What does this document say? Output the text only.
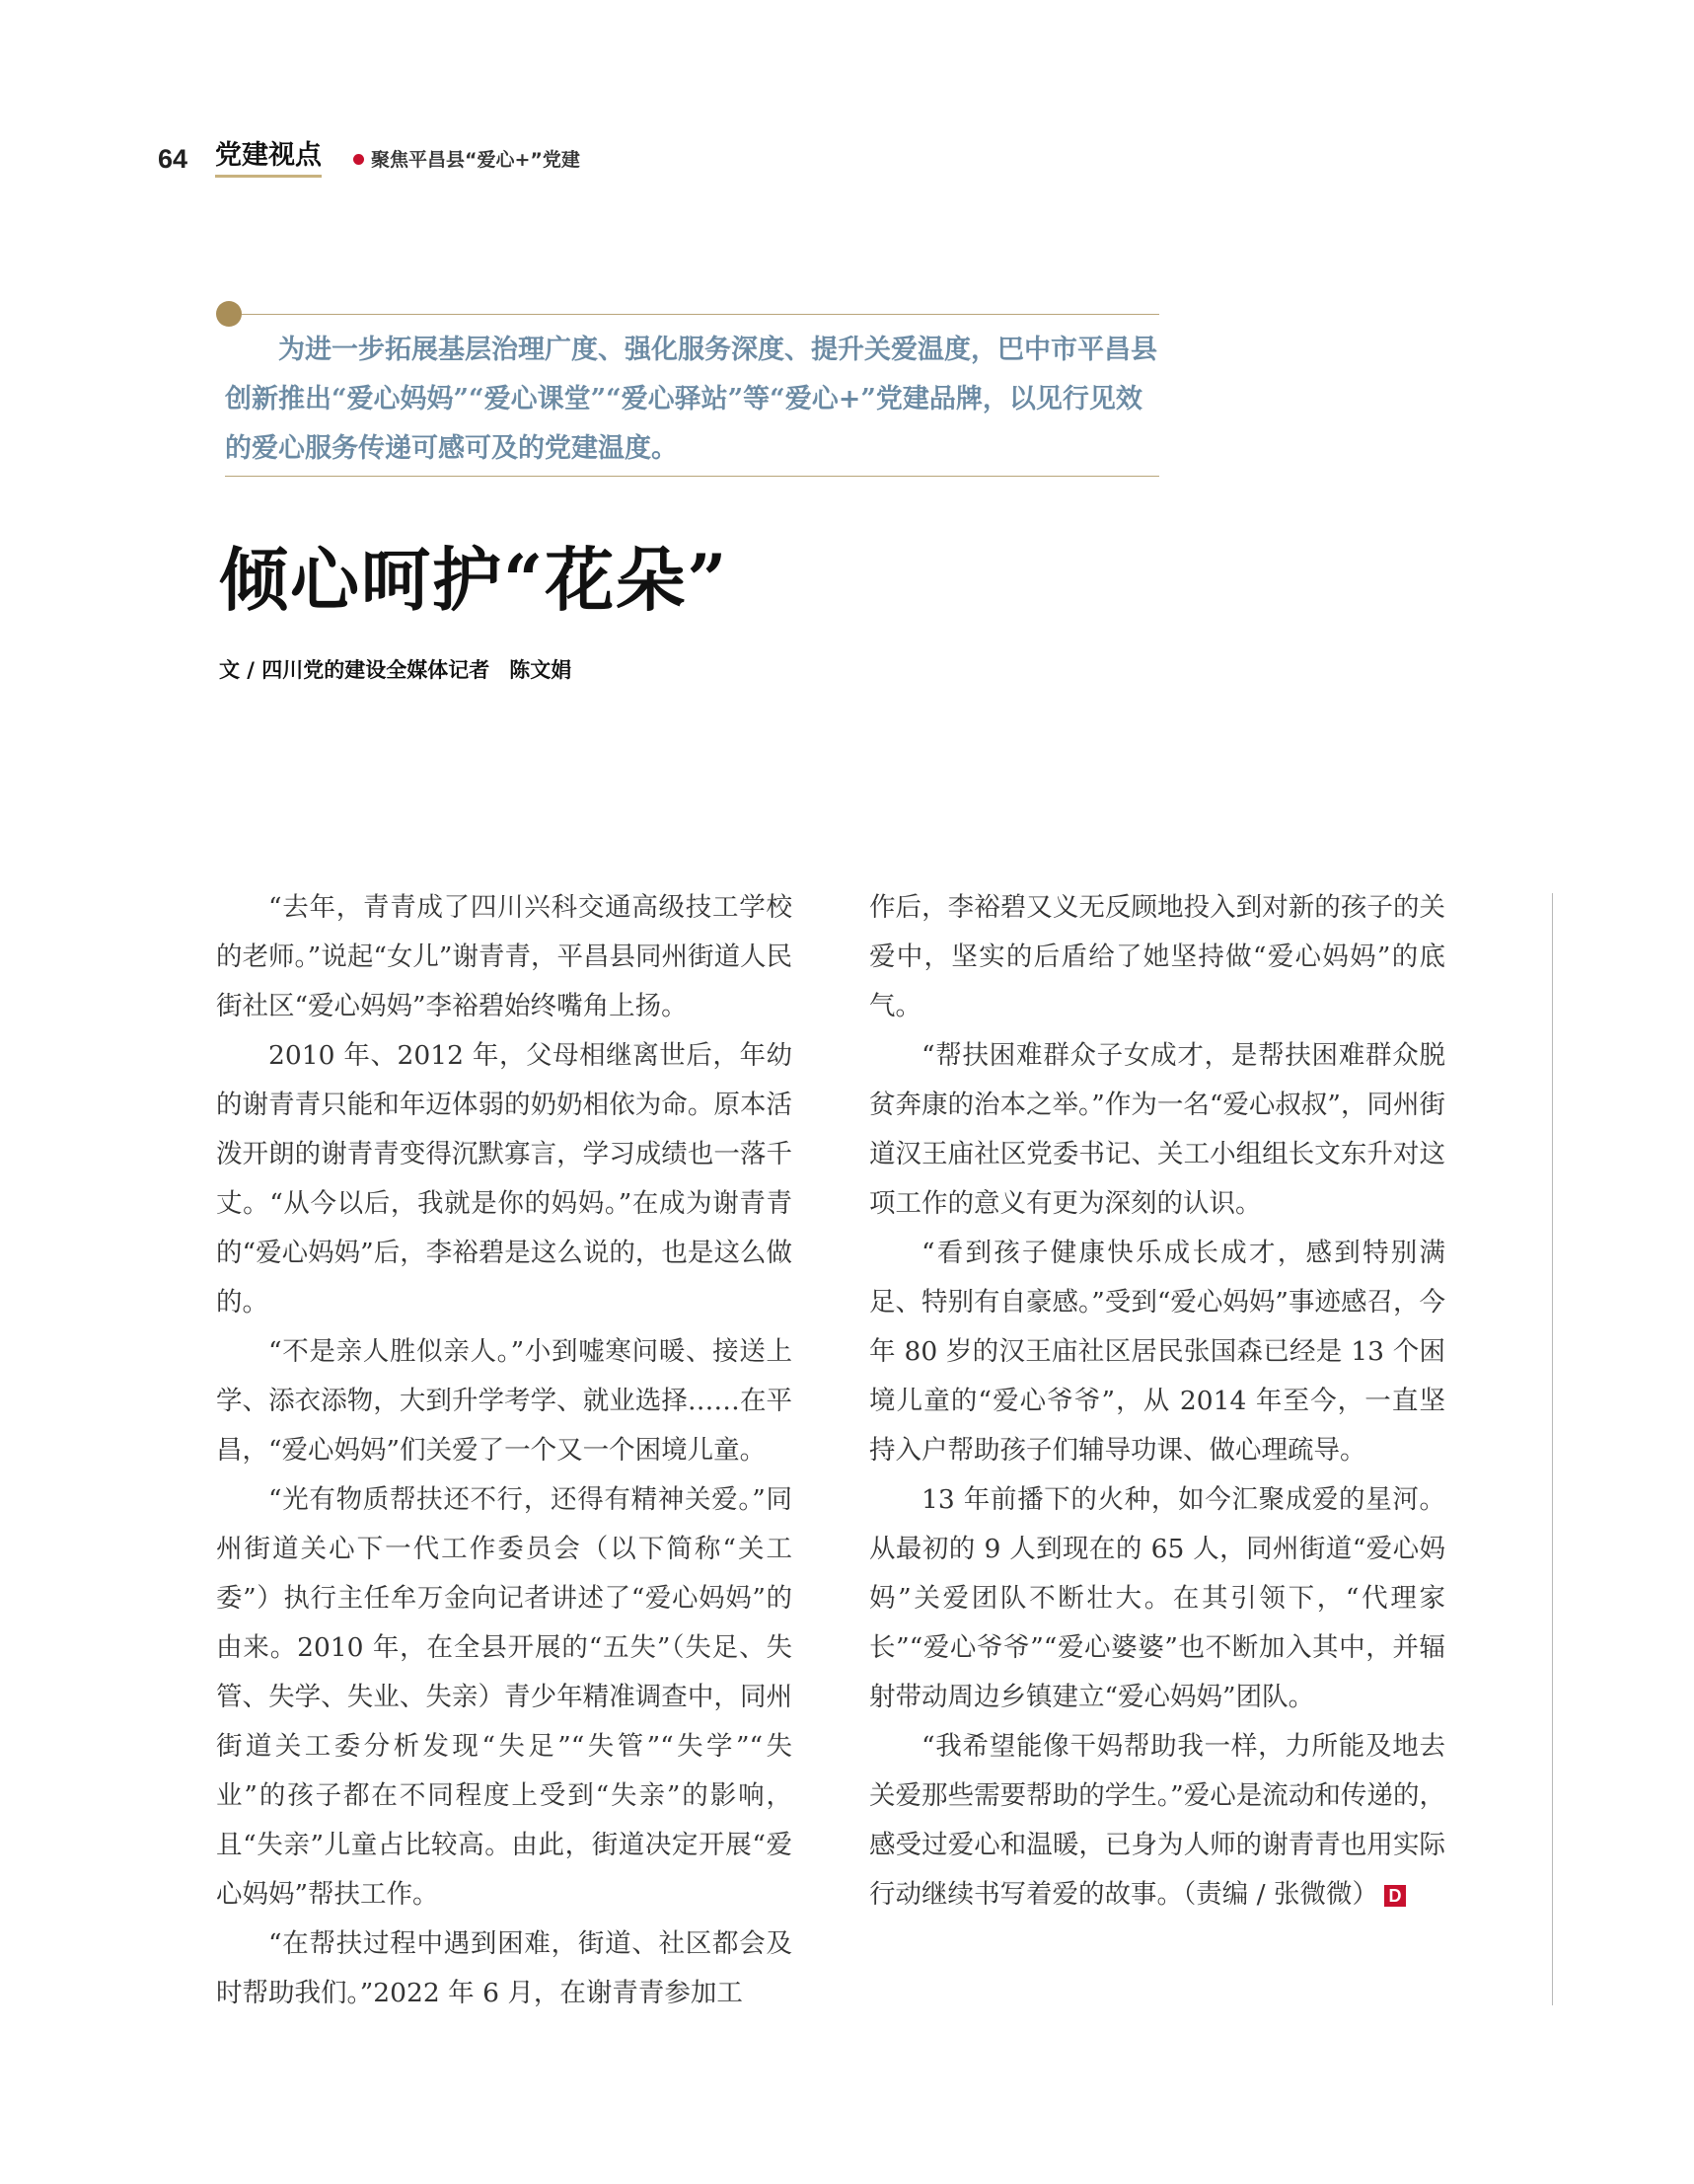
64 党建视点	聚焦平昌县“爱心+”党建

为进一步拓展基层治理广度、强化服务深度、提升关爱温度，巴中市平昌县创新推出“爱心妈妈”“爱心课堂”“爱心驿站”等“爱心+”党建品牌，以见行见效的爱心服务传递可感可及的党建温度。

倾心呵护“花朵”
文 / 四川党的建设全媒体记者 陈文娟

“去年，青青成了四川兴科交通高级技工学校的老师。”说起“女儿”谢青青，平昌县同州街道人民街社区“爱心妈妈”李裕碧始终嘴角上扬。

2010 年、2012 年，父母相继离世后，年幼的谢青青只能和年迈体弱的奶奶相依为命。原本活泼开朗的谢青青变得沉默寡言，学习成绩也一落千丈。“从今以后，我就是你的妈妈。”在成为谢青青的“爱心妈妈”后，李裕碧是这么说的，也是这么做的。

“不是亲人胜似亲人。”小到嘘寒问暖、接送上学、添衣添物，大到升学考学、就业选择……在平昌，“爱心妈妈”们关爱了一个又一个困境儿童。

“光有物质帮扶还不行，还得有精神关爱。”同州街道关心下一代工作委员会（以下简称“关工委”）执行主任牟万金向记者讲述了“爱心妈妈”的由来。2010 年，在全县开展的“五失”（失足、失管、失学、失业、失亲）青少年精准调查中，同州街道关工委分析发现“失足”“失管”“失学”“失业”的孩子都在不同程度上受到“失亲”的影响，且“失亲”儿童占比较高。由此，街道决定开展“爱心妈妈”帮扶工作。

“在帮扶过程中遇到困难，街道、社区都会及时帮助我们。”2022 年 6 月，在谢青青参加工

作后，李裕碧又义无反顾地投入到对新的孩子的关爱中，坚实的后盾给了她坚持做“爱心妈妈”的底气。

“帮扶困难群众子女成才，是帮扶困难群众脱贫奔康的治本之举。”作为一名“爱心叔叔”，同州街道汉王庙社区党委书记、关工小组组长文东升对这项工作的意义有更为深刻的认识。

“看到孩子健康快乐成长成才，感到特别满足、特别有自豪感。”受到“爱心妈妈”事迹感召，今年 80 岁的汉王庙社区居民张国森已经是 13 个困境儿童的“爱心爷爷”，从 2014 年至今，一直坚持入户帮助孩子们辅导功课、做心理疏导。

13 年前播下的火种，如今汇聚成爱的星河。从最初的 9 人到现在的 65 人，同州街道“爱心妈妈”关爱团队不断壮大。在其引领下，“代理家长”“爱心爷爷”“爱心婆婆”也不断加入其中，并辐射带动周边乡镇建立“爱心妈妈”团队。

“我希望能像干妈帮助我一样，力所能及地去关爱那些需要帮助的学生。”爱心是流动和传递的，感受过爱心和温暖，已身为人师的谢青青也用实际行动继续书写着爱的故事。（责编 / 张微微） D
